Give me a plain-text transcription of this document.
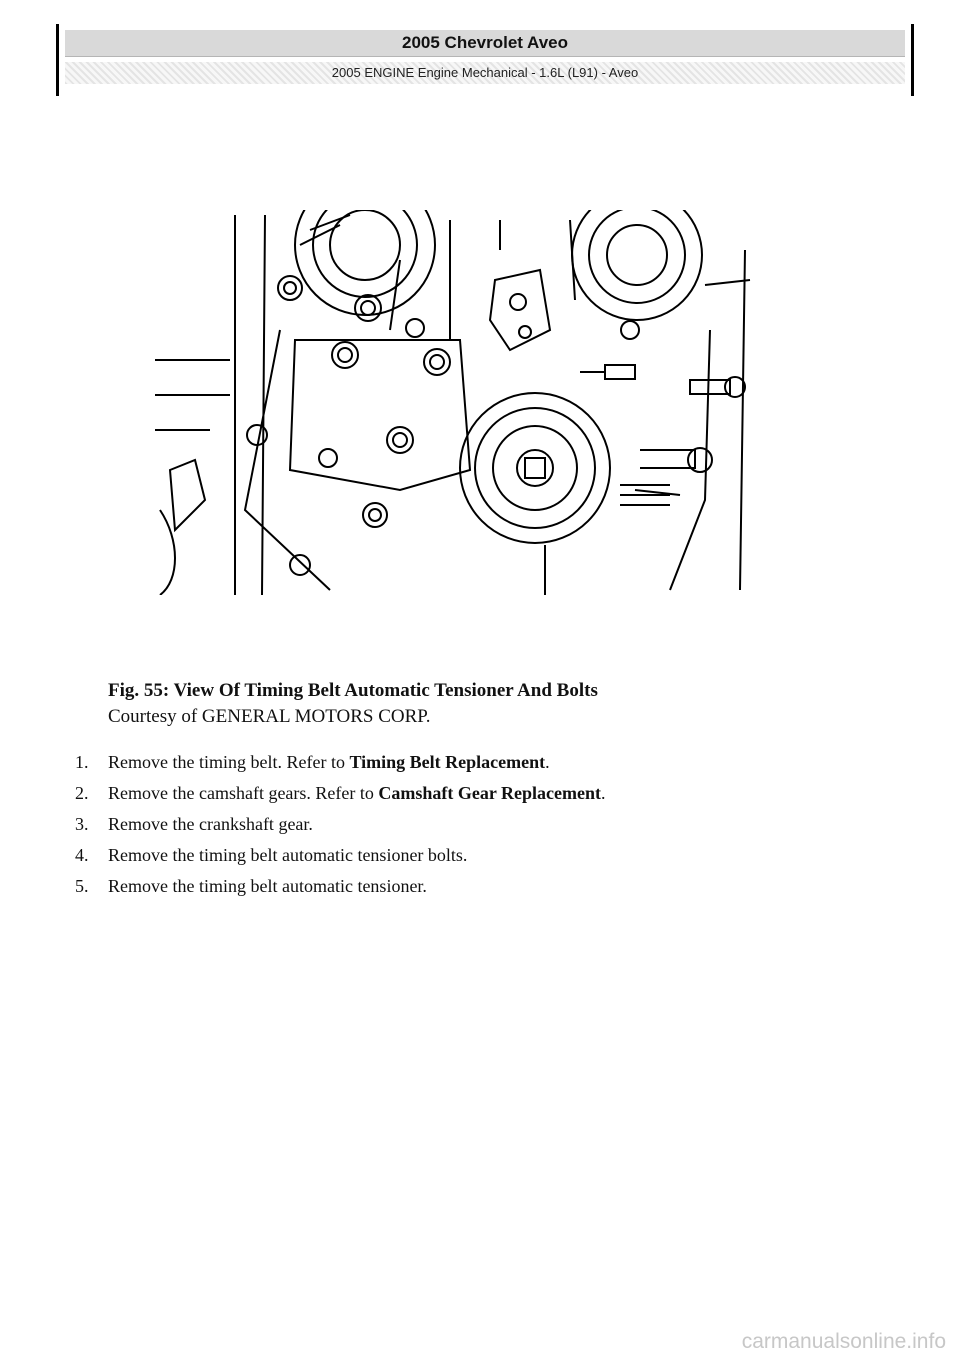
2005 Chevrolet Aveo
2005 ENGINE Engine Mechanical - 1.6L (L91) - Aveo
Fig. 55: View Of Timing Belt Automatic Tensioner And Bolts
Courtesy of GENERAL MOTORS CORP.
1.	Remove the timing belt. Refer to Timing Belt Replacement.
2.	Remove the camshaft gears. Refer to Camshaft Gear Replacement.
3.	Remove the crankshaft gear.
4.	Remove the timing belt automatic tensioner bolts.
5.	Remove the timing belt automatic tensioner.
carmanualsonline.info
